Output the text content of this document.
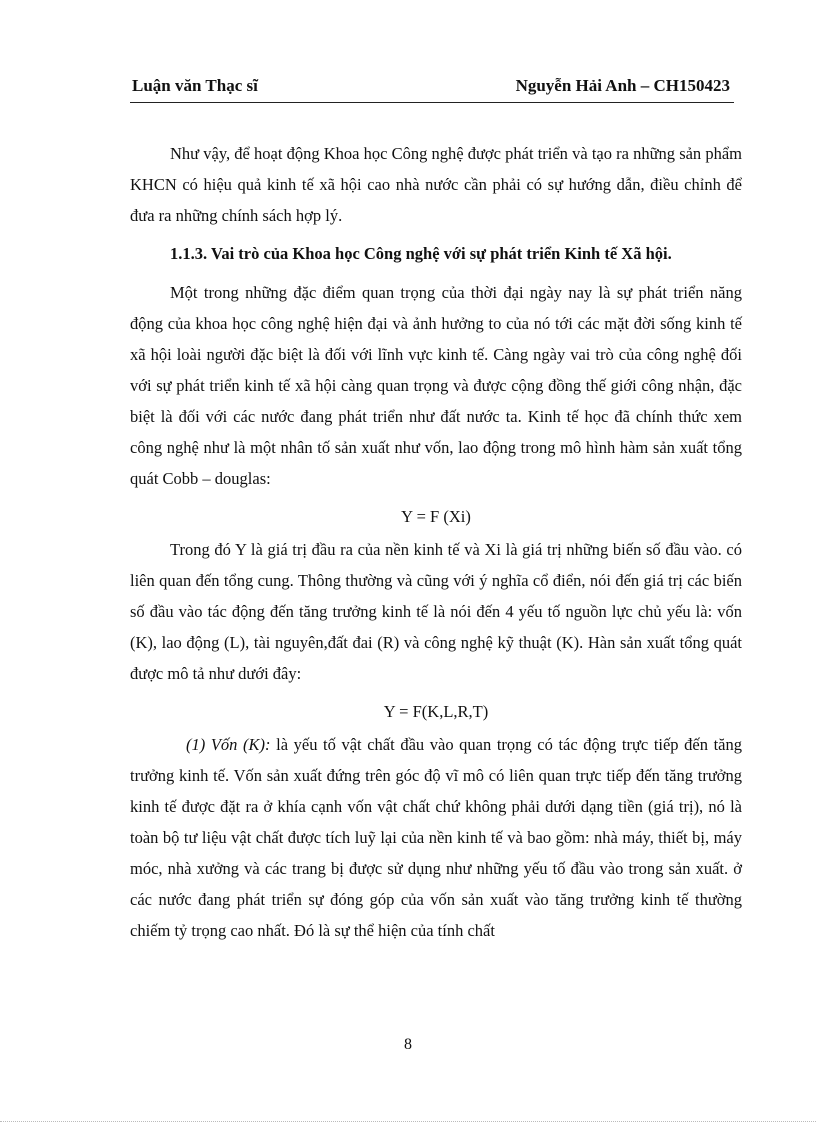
Luận văn Thạc sĩ	Nguyễn Hải Anh – CH150423

Như vậy, để hoạt động Khoa học Công nghệ được phát triển và tạo ra những sản phẩm KHCN có hiệu quả kinh tế xã hội cao nhà nước cần phải có sự hướng dẫn, điều chỉnh để đưa ra những chính sách hợp lý.

1.1.3. Vai trò của Khoa học Công nghệ với sự phát triển Kinh tế Xã hội.

Một trong những đặc điểm quan trọng của thời đại ngày nay là sự phát triển năng động của khoa học công nghệ hiện đại và ảnh hưởng to của nó tới các mặt đời sống kinh tế xã hội loài người đặc biệt là đối với lĩnh vực kinh tế. Càng ngày vai trò của công nghệ đối với sự phát triển kinh tế xã hội càng quan trọng và được cộng đồng thế giới công nhận, đặc biệt là đối với các nước đang phát triển như đất nước ta. Kinh tế học đã chính thức xem công nghệ như là một nhân tố sản xuất như vốn, lao động trong mô hình hàm sản xuất tổng quát Cobb – douglas:

Y = F (Xi)

Trong đó Y là giá trị đầu ra của nền kinh tế và Xi là giá trị những biến số đầu vào. có liên quan đến tổng cung. Thông thường và cũng với ý nghĩa cổ điển, nói đến giá trị các biến số đầu vào tác động đến tăng trưởng kinh tế là nói đến 4 yếu tố nguồn lực chủ yếu là: vốn (K), lao động (L), tài nguyên,đất đai (R) và công nghệ kỹ thuật (K). Hàn sản xuất tổng quát được mô tả như dưới đây:

Y = F(K,L,R,T)

(1) Vốn (K): là yếu tố vật chất đầu vào quan trọng có tác động trực tiếp đến tăng trưởng kinh tế. Vốn sản xuất đứng trên góc độ vĩ mô có liên quan trực tiếp đến tăng trưởng kinh tế được đặt ra ở khía cạnh vốn vật chất chứ không phải dưới dạng tiền (giá trị), nó là toàn bộ tư liệu vật chất được tích luỹ lại của nền kinh tế và bao gồm: nhà máy, thiết bị, máy móc, nhà xưởng và các trang bị được sử dụng như những yếu tố đầu vào trong sản xuất. ở các nước đang phát triển sự đóng góp của vốn sản xuất vào tăng trưởng kinh tế thường chiếm tỷ trọng cao nhất. Đó là sự thể hiện của tính chất

8
